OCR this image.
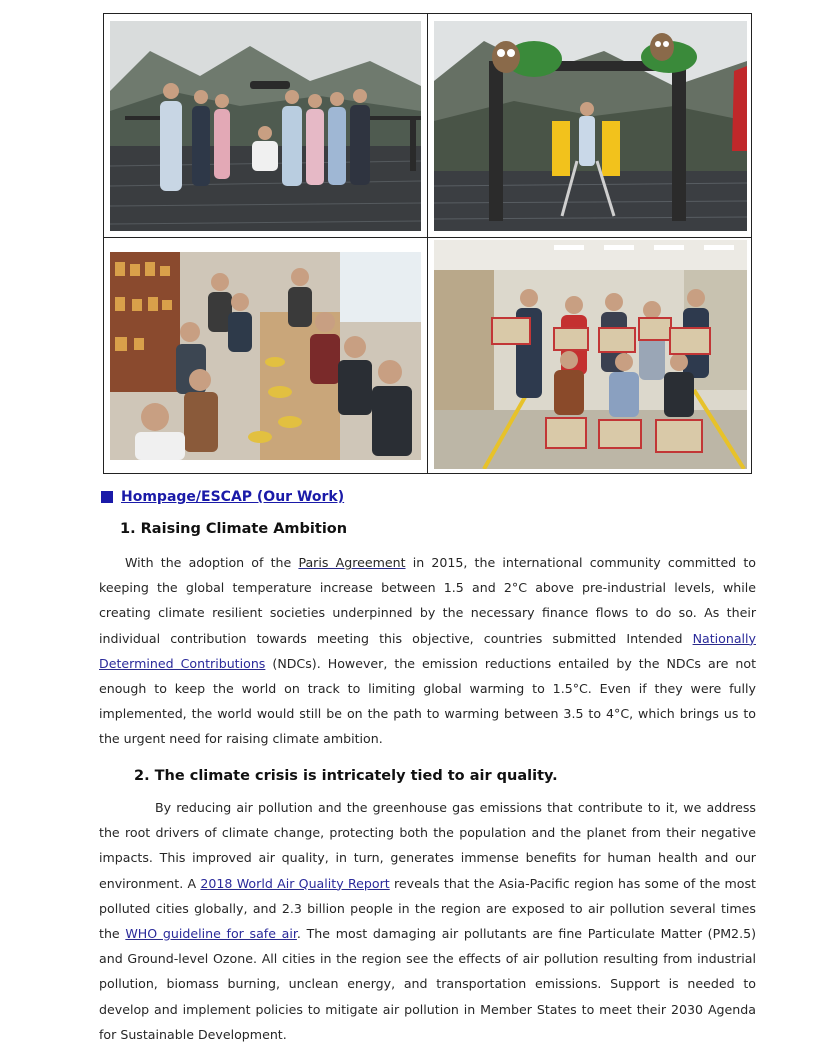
Hompage/ESCAP (Our Work)
1. Raising Climate Ambition

With the adoption of the Paris Agreement in 2015, the international community committed to keeping the global temperature increase between 1.5 and 2°C above pre-industrial levels, while creating climate resilient societies underpinned by the necessary finance flows to do so. As their individual contribution towards meeting this objective, countries submitted Intended Nationally Determined Contributions (NDCs). However, the emission reductions entailed by the NDCs are not enough to keep the world on track to limiting global warming to 1.5°C. Even if they were fully implemented, the world would still be on the path to warming between 3.5 to 4°C, which brings us to the urgent need for raising climate ambition.

2. The climate crisis is intricately tied to air quality.

By reducing air pollution and the greenhouse gas emissions that contribute to it, we address the root drivers of climate change, protecting both the population and the planet from their negative impacts. This improved air quality, in turn, generates immense benefits for human health and our environment. A 2018 World Air Quality Report reveals that the Asia-Pacific region has some of the most polluted cities globally, and 2.3 billion people in the region are exposed to air pollution several times the WHO guideline for safe air. The most damaging air pollutants are fine Particulate Matter (PM2.5) and Ground-level Ozone. All cities in the region see the effects of air pollution resulting from industrial pollution, biomass burning, unclean energy, and transportation emissions. Support is needed to develop and implement policies to mitigate air pollution in Member States to meet their 2030 Agenda for Sustainable Development.
